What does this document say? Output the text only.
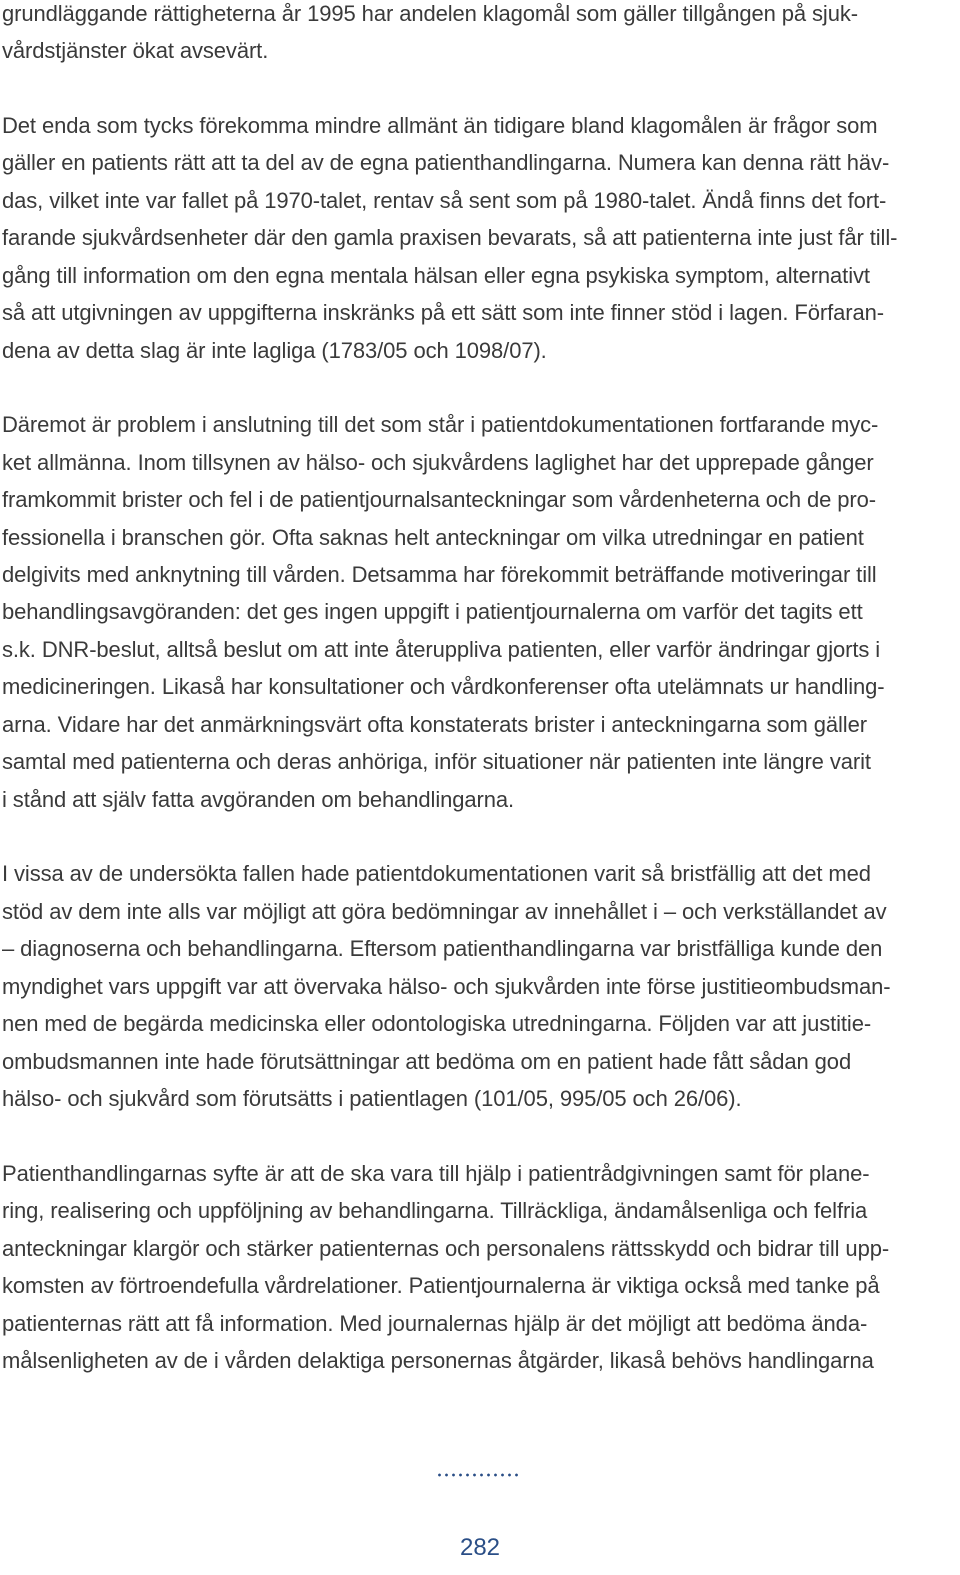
grundläggande rättigheterna år 1995 har andelen klagomål som gäller tillgången på sjuk-
vårdstjänster ökat avsevärt.
Det enda som tycks förekomma mindre allmänt än tidigare bland klagomålen är frågor som
gäller en patients rätt att ta del av de egna patienthandlingarna. Numera kan denna rätt häv-
das, vilket inte var fallet på 1970-talet, rentav så sent som på 1980-talet. Ändå finns det fort-
farande sjukvårdsenheter där den gamla praxisen bevarats, så att patienterna inte just får till-
gång till information om den egna mentala hälsan eller egna psykiska symptom, alternativt
så att utgivningen av uppgifterna inskränks på ett sätt som inte finner stöd i lagen. Förfaran-
dena av detta slag är inte lagliga (1783/05 och 1098/07).
Däremot är problem i anslutning till det som står i patientdokumentationen fortfarande myc-
ket allmänna. Inom tillsynen av hälso- och sjukvårdens laglighet har det upprepade gånger
framkommit brister och fel i de patientjournalsanteckningar som vårdenheterna och de pro-
fessionella i branschen gör. Ofta saknas helt anteckningar om vilka utredningar en patient
delgivits med anknytning till vården. Detsamma har förekommit beträffande motiveringar till
behandlingsavgöranden: det ges ingen uppgift i patientjournalerna om varför det tagits ett
s.k. DNR-beslut, alltså beslut om att inte återuppliva patienten, eller varför ändringar gjorts i
medicineringen. Likaså har konsultationer och vårdkonferenser ofta utelämnats ur handling-
arna. Vidare har det anmärkningsvärt ofta konstaterats brister i anteckningarna som gäller
samtal med patienterna och deras anhöriga, inför situationer när patienten inte längre varit
i stånd att själv fatta avgöranden om behandlingarna.
I vissa av de undersökta fallen hade patientdokumentationen varit så bristfällig att det med
stöd av dem inte alls var möjligt att göra bedömningar av innehållet i – och verkställandet av
– diagnoserna och behandlingarna. Eftersom patienthandlingarna var bristfälliga kunde den
myndighet vars uppgift var att övervaka hälso- och sjukvården inte förse justitieombudsman-
nen med de begärda medicinska eller odontologiska utredningarna. Följden var att justitie-
ombudsmannen inte hade förutsättningar att bedöma om en patient hade fått sådan god
hälso- och sjukvård som förutsätts i patientlagen (101/05, 995/05 och 26/06).
Patienthandlingarnas syfte är att de ska vara till hjälp i patientrådgivningen samt för plane-
ring, realisering och uppföljning av behandlingarna. Tillräckliga, ändamålsenliga och felfria
anteckningar klargör och stärker patienternas och personalens rättsskydd och bidrar till upp-
komsten av förtroendefulla vårdrelationer. Patientjournalerna är viktiga också med tanke på
patienternas rätt att få information. Med journalernas hjälp är det möjligt att bedöma ända-
målsenligheten av de i vården delaktiga personernas åtgärder, likaså behövs handlingarna
282
